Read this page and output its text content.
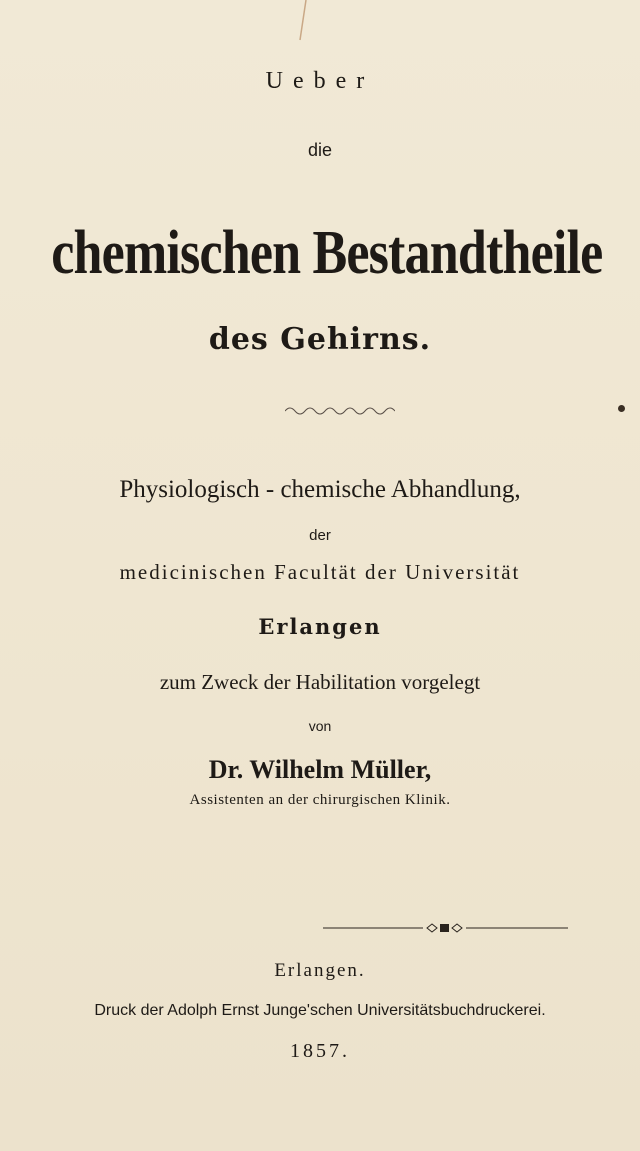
Ueber
die
chemischen Bestandtheile
des Gehirns.
Physiologisch - chemische Abhandlung,
der
medicinischen Facultät der Universität
Erlangen
zum Zweck der Habilitation vorgelegt
von
Dr. Wilhelm Müller,
Assistenten an der chirurgischen Klinik.
Erlangen.
Druck der Adolph Ernst Junge'schen Universitätsbuchdruckerei.
1857.
